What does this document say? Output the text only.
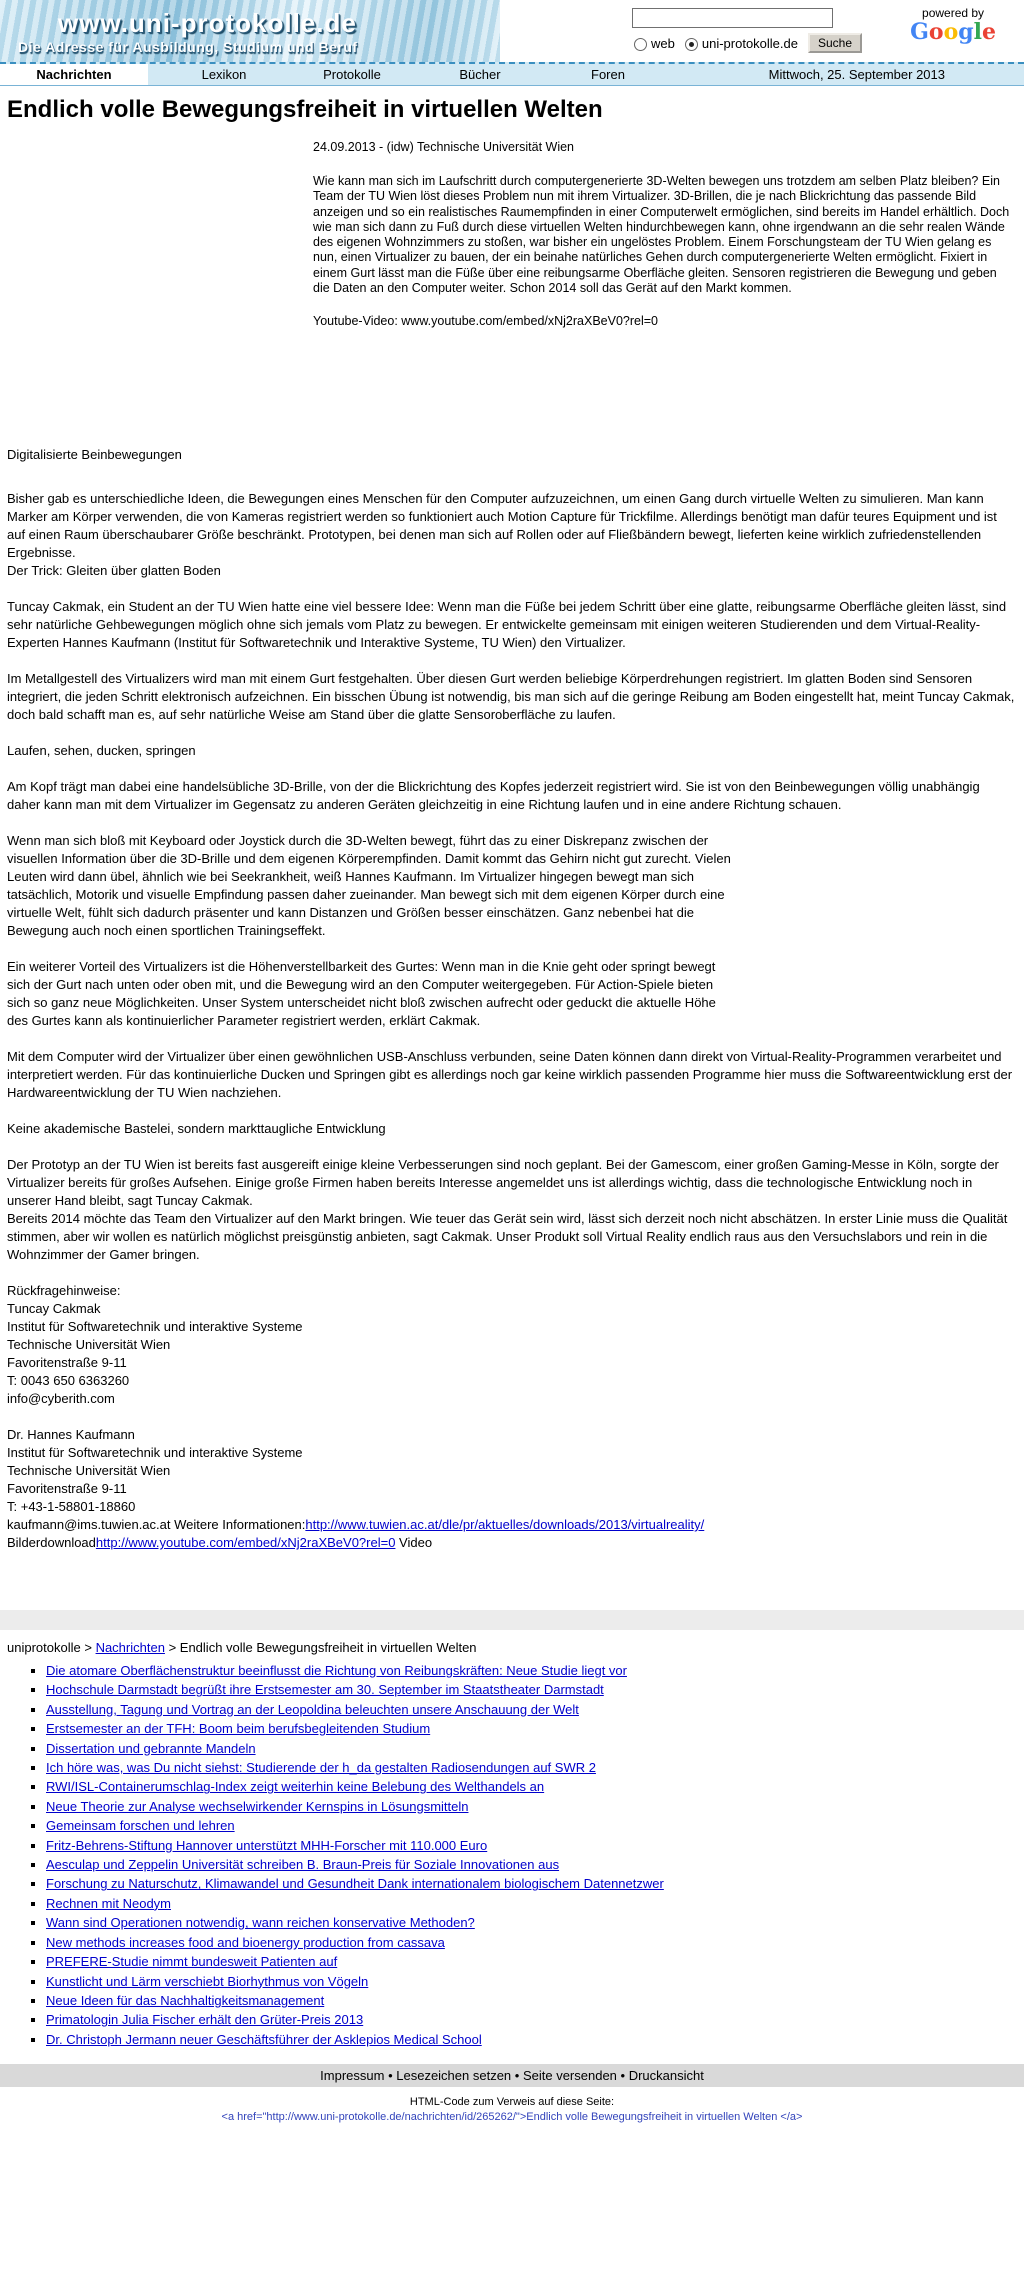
www.uni-protokolle.de
Die Adresse für Ausbildung, Studium und Beruf	web uni-protokolle.de	Suche
powered by
Google
Nachrichten	Lexikon	Protokolle	Bücher	Foren	Mittwoch, 25. September 2013
Endlich volle Bewegungsfreiheit in virtuellen Welten
24.09.2013 - (idw) Technische Universität Wien
Wie kann man sich im Laufschritt durch computergenerierte 3D-Welten bewegen uns trotzdem am selben Platz bleiben? Ein Team der TU Wien löst dieses Problem nun mit ihrem Virtualizer. 3D-Brillen, die je nach Blickrichtung das passende Bild anzeigen und so ein realistisches Raumempfinden in einer Computerwelt ermöglichen, sind bereits im Handel erhältlich. Doch wie man sich dann zu Fuß durch diese virtuellen Welten hindurchbewegen kann, ohne irgendwann an die sehr realen Wände des eigenen Wohnzimmers zu stoßen, war bisher ein ungelöstes Problem. Einem Forschungsteam der TU Wien gelang es nun, einen Virtualizer zu bauen, der ein beinahe natürliches Gehen durch computergenerierte Welten ermöglicht. Fixiert in einem Gurt lässt man die Füße über eine reibungsarme Oberfläche gleiten. Sensoren registrieren die Bewegung und geben die Daten an den Computer weiter. Schon 2014 soll das Gerät auf den Markt kommen.
Youtube-Video: www.youtube.com/embed/xNj2raXBeV0?rel=0
Digitalisierte Beinbewegungen

Bisher gab es unterschiedliche Ideen, die Bewegungen eines Menschen für den Computer aufzuzeichnen, um einen Gang durch virtuelle Welten zu simulieren. Man kann Marker am Körper verwenden, die von Kameras registriert werden so funktioniert auch Motion Capture für Trickfilme. Allerdings benötigt man dafür teures Equipment und ist auf einen Raum überschaubarer Größe beschränkt. Prototypen, bei denen man sich auf Rollen oder auf Fließbändern bewegt, lieferten keine wirklich zufriedenstellenden Ergebnisse.
Der Trick: Gleiten über glatten Boden

Tuncay Cakmak, ein Student an der TU Wien hatte eine viel bessere Idee: Wenn man die Füße bei jedem Schritt über eine glatte, reibungsarme Oberfläche gleiten lässt, sind sehr natürliche Gehbewegungen möglich ohne sich jemals vom Platz zu bewegen. Er entwickelte gemeinsam mit einigen weiteren Studierenden und dem Virtual-Reality-Experten Hannes Kaufmann (Institut für Softwaretechnik und Interaktive Systeme, TU Wien) den Virtualizer.

Im Metallgestell des Virtualizers wird man mit einem Gurt festgehalten. Über diesen Gurt werden beliebige Körperdrehungen registriert. Im glatten Boden sind Sensoren integriert, die jeden Schritt elektronisch aufzeichnen. Ein bisschen Übung ist notwendig, bis man sich auf die geringe Reibung am Boden eingestellt hat, meint Tuncay Cakmak, doch bald schafft man es, auf sehr natürliche Weise am Stand über die glatte Sensoroberfläche zu laufen.

Laufen, sehen, ducken, springen

Am Kopf trägt man dabei eine handelsübliche 3D-Brille, von der die Blickrichtung des Kopfes jederzeit registriert wird. Sie ist von den Beinbewegungen völlig unabhängig daher kann man mit dem Virtualizer im Gegensatz zu anderen Geräten gleichzeitig in eine Richtung laufen und in eine andere Richtung schauen.

Wenn man sich bloß mit Keyboard oder Joystick durch die 3D-Welten bewegt, führt das zu einer Diskrepanz zwischen der visuellen Information über die 3D-Brille und dem eigenen Körperempfinden. Damit kommt das Gehirn nicht gut zurecht. Vielen Leuten wird dann übel, ähnlich wie bei Seekrankheit, weiß Hannes Kaufmann. Im Virtualizer hingegen bewegt man sich tatsächlich, Motorik und visuelle Empfindung passen daher zueinander. Man bewegt sich mit dem eigenen Körper durch eine virtuelle Welt, fühlt sich dadurch präsenter und kann Distanzen und Größen besser einschätzen. Ganz nebenbei hat die Bewegung auch noch einen sportlichen Trainingseffekt.

Ein weiterer Vorteil des Virtualizers ist die Höhenverstellbarkeit des Gurtes: Wenn man in die Knie geht oder springt bewegt sich der Gurt nach unten oder oben mit, und die Bewegung wird an den Computer weitergegeben. Für Action-Spiele bieten sich so ganz neue Möglichkeiten. Unser System unterscheidet nicht bloß zwischen aufrecht oder geduckt die aktuelle Höhe des Gurtes kann als kontinuierlicher Parameter registriert werden, erklärt Cakmak.

Mit dem Computer wird der Virtualizer über einen gewöhnlichen USB-Anschluss verbunden, seine Daten können dann direkt von Virtual-Reality-Programmen verarbeitet und interpretiert werden. Für das kontinuierliche Ducken und Springen gibt es allerdings noch gar keine wirklich passenden Programme hier muss die Softwareentwicklung erst der Hardwareentwicklung der TU Wien nachziehen.

Keine akademische Bastelei, sondern markttaugliche Entwicklung

Der Prototyp an der TU Wien ist bereits fast ausgereift einige kleine Verbesserungen sind noch geplant. Bei der Gamescom, einer großen Gaming-Messe in Köln, sorgte der Virtualizer bereits für großes Aufsehen. Einige große Firmen haben bereits Interesse angemeldet uns ist allerdings wichtig, dass die technologische Entwicklung noch in unserer Hand bleibt, sagt Tuncay Cakmak.
Bereits 2014 möchte das Team den Virtualizer auf den Markt bringen. Wie teuer das Gerät sein wird, lässt sich derzeit noch nicht abschätzen. In erster Linie muss die Qualität stimmen, aber wir wollen es natürlich möglichst preisgünstig anbieten, sagt Cakmak. Unser Produkt soll Virtual Reality endlich raus aus den Versuchslabors und rein in die Wohnzimmer der Gamer bringen.

Rückfragehinweise:
Tuncay Cakmak
Institut für Softwaretechnik und interaktive Systeme
Technische Universität Wien
Favoritenstraße 9-11
T: 0043 650 6363260
info@cyberith.com
Dr. Hannes Kaufmann
Institut für Softwaretechnik und interaktive Systeme
Technische Universität Wien
Favoritenstraße 9-11
T: +43-1-58801-18860
kaufmann@ims.tuwien.ac.at Weitere Informationen:http://www.tuwien.ac.at/dle/pr/aktuelles/downloads/2013/virtualreality/
Bilderdownloadhttp://www.youtube.com/embed/xNj2raXBeV0?rel=0 Video
uniprotokolle > Nachrichten > Endlich volle Bewegungsfreiheit in virtuellen Welten
▪ Die atomare Oberflächenstruktur beeinflusst die Richtung von Reibungskräften: Neue Studie liegt vor
▪ Hochschule Darmstadt begrüßt ihre Erstsemester am 30. September im Staatstheater Darmstadt
▪ Ausstellung, Tagung und Vortrag an der Leopoldina beleuchten unsere Anschauung der Welt
▪ Erstsemester an der TFH: Boom beim berufsbegleitenden Studium
▪ Dissertation und gebrannte Mandeln
▪ Ich höre was, was Du nicht siehst: Studierende der h_da gestalten Radiosendungen auf SWR 2
▪ RWI/ISL-Containerumschlag-Index zeigt weiterhin keine Belebung des Welthandels an
▪ Neue Theorie zur Analyse wechselwirkender Kernspins in Lösungsmitteln
▪ Gemeinsam forschen und lehren
▪ Fritz-Behrens-Stiftung Hannover unterstützt MHH-Forscher mit 110.000 Euro
▪ Aesculap und Zeppelin Universität schreiben B. Braun-Preis für Soziale Innovationen aus
▪ Forschung zu Naturschutz, Klimawandel und Gesundheit Dank internationalem biologischem Datennetzwer
▪ Rechnen mit Neodym
▪ Wann sind Operationen notwendig, wann reichen konservative Methoden?
▪ New methods increases food and bioenergy production from cassava
▪ PREFERE-Studie nimmt bundesweit Patienten auf
▪ Kunstlicht und Lärm verschiebt Biorhythmus von Vögeln
▪ Neue Ideen für das Nachhaltigkeitsmanagement
▪ Primatologin Julia Fischer erhält den Grüter-Preis 2013
▪ Dr. Christoph Jermann neuer Geschäftsführer der Asklepios Medical School
Impressum • Lesezeichen setzen • Seite versenden • Druckansicht
HTML-Code zum Verweis auf diese Seite:
<a href="http://www.uni-protokolle.de/nachrichten/id/265262/">Endlich volle Bewegungsfreiheit in virtuellen Welten </a>
